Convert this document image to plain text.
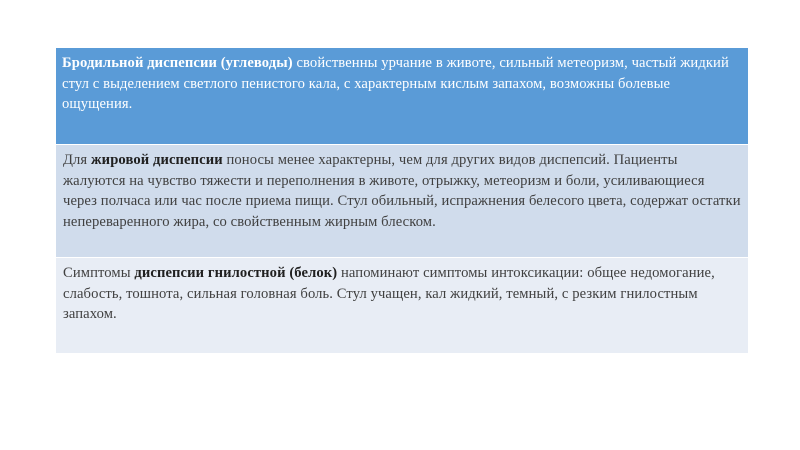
Бродильной диспепсии (углеводы) свойственны урчание в животе, сильный метеоризм, частый жидкий стул с выделением светлого пенистого кала, с характерным кислым запахом, возможны болевые ощущения.
Для жировой диспепсии поносы менее характерны, чем для других видов диспепсий. Пациенты жалуются на чувство тяжести и переполнения в животе, отрыжку, метеоризм и боли, усиливающиеся через полчаса или час после приема пищи. Стул обильный, испражнения белесого цвета, содержат остатки непереваренного жира, со свойственным жирным блеском.
Симптомы диспепсии гнилостной (белок) напоминают симптомы интоксикации: общее недомогание, слабость, тошнота, сильная головная боль. Стул учащен, кал жидкий, темный, с резким гнилостным запахом.
